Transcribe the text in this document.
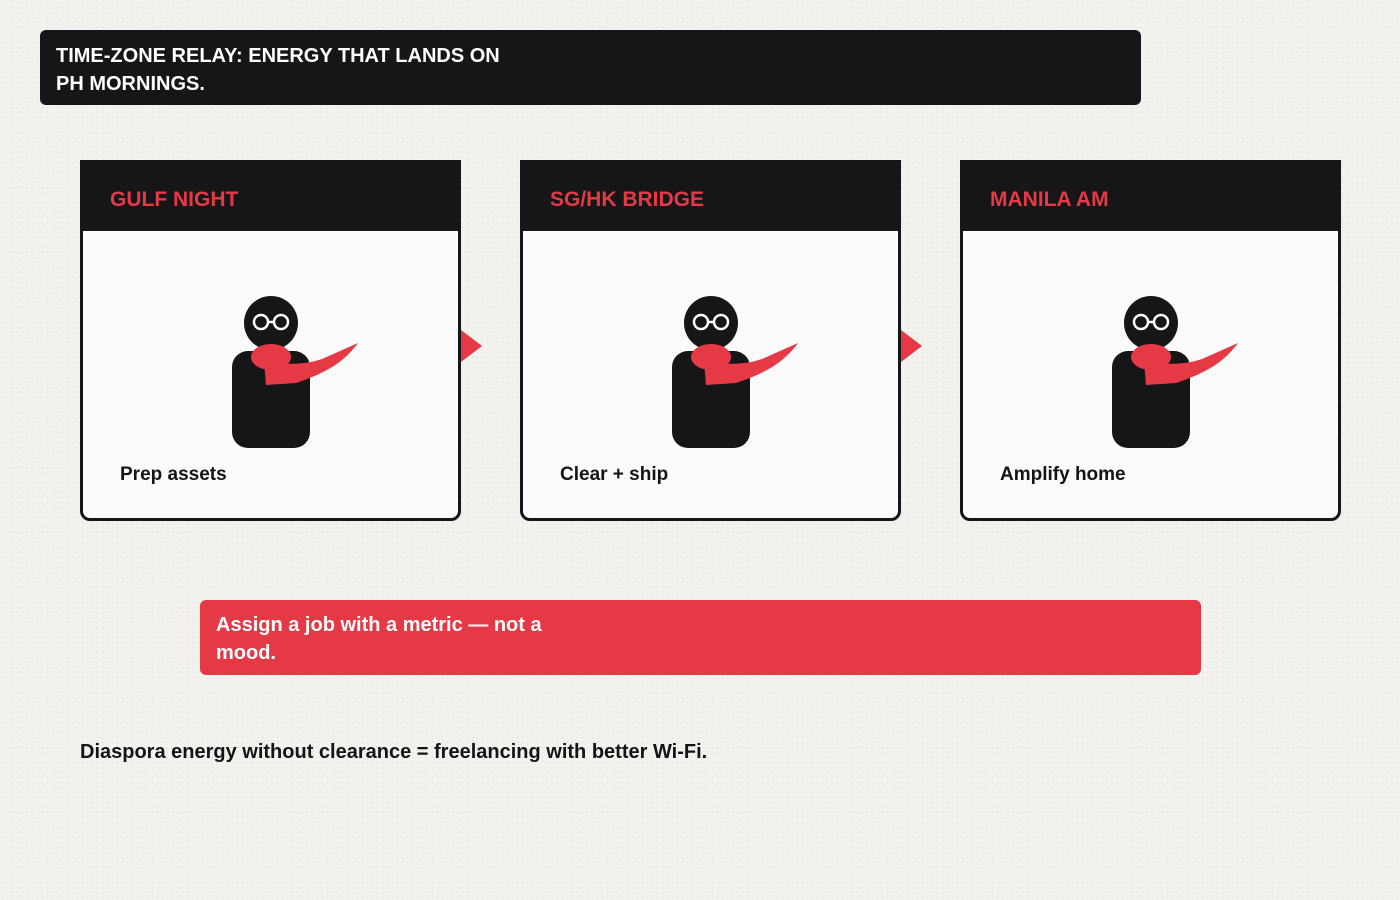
TIME-ZONE RELAY: ENERGY THAT LANDS ON PH MORNINGS.

GULF NIGHT
Prep assets
SG/HK BRIDGE
Clear + ship
MANILA AM
Amplify home

Assign a job with a metric — not a mood.

Diaspora energy without clearance = freelancing with better Wi-Fi.
